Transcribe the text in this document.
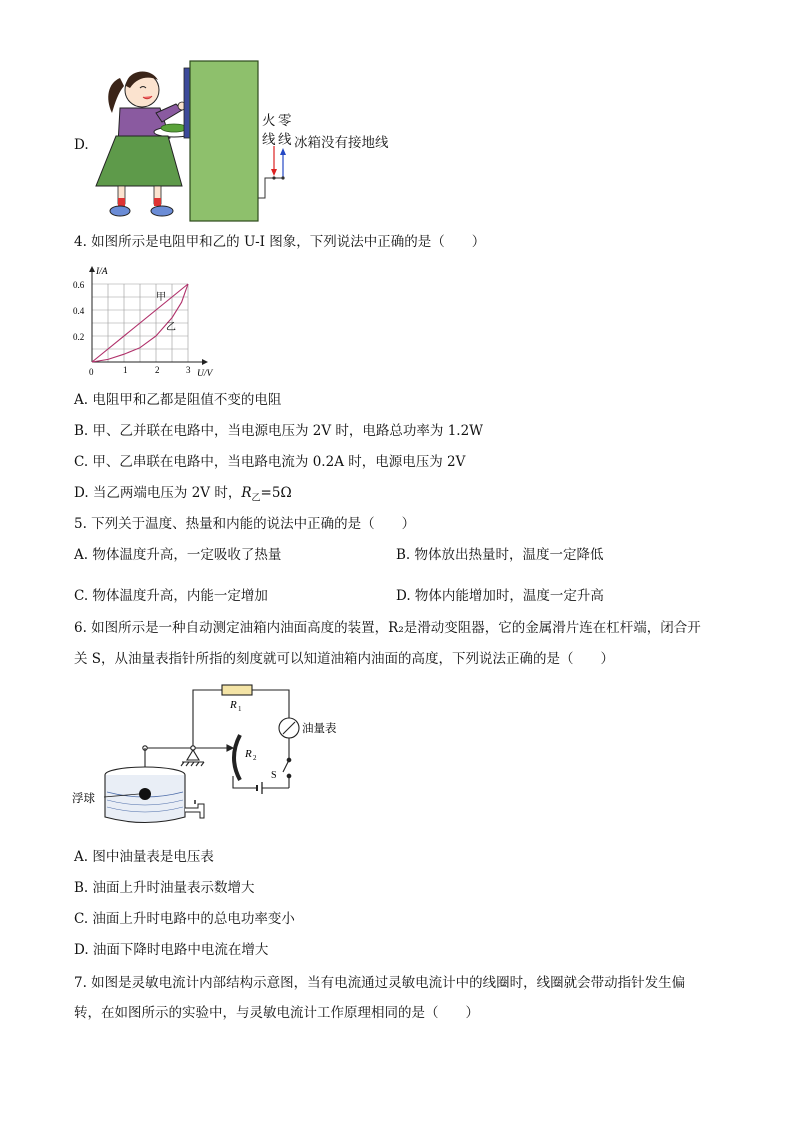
D.
火 零
线 线 冰箱没有接地线
4. 如图所示是电阻甲和乙的 U-I 图象，下列说法中正确的是（　　）
I/A
U/V
0.6
0.4
0.2
0	1	2	3
甲
乙
A. 电阻甲和乙都是阻值不变的电阻
B. 甲、乙并联在电路中，当电源电压为 2V 时，电路总功率为 1.2W
C. 甲、乙串联在电路中，当电路电流为 0.2A 时，电源电压为 2V
D. 当乙两端电压为 2V 时，$R_乙=5\Omega$
5. 下列关于温度、热量和内能的说法中正确的是（　　）
A. 物体温度升高，一定吸收了热量	B. 物体放出热量时，温度一定降低
C. 物体温度升高，内能一定增加	D. 物体内能增加时，温度一定升高
6. 如图所示是一种自动测定油箱内油面高度的装置，R₂是滑动变阻器，它的金属滑片连在杠杆端，闭合开
关 S，从油量表指针所指的刻度就可以知道油箱内油面的高度，下列说法正确的是（　　）
R 1
R 2
油量表
S
浮球
A. 图中油量表是电压表
B. 油面上升时油量表示数增大
C. 油面上升时电路中的总电功率变小
D. 油面下降时电路中电流在增大
7. 如图是灵敏电流计内部结构示意图，当有电流通过灵敏电流计中的线圈时，线圈就会带动指针发生偏
转，在如图所示的实验中，与灵敏电流计工作原理相同的是（　　）
